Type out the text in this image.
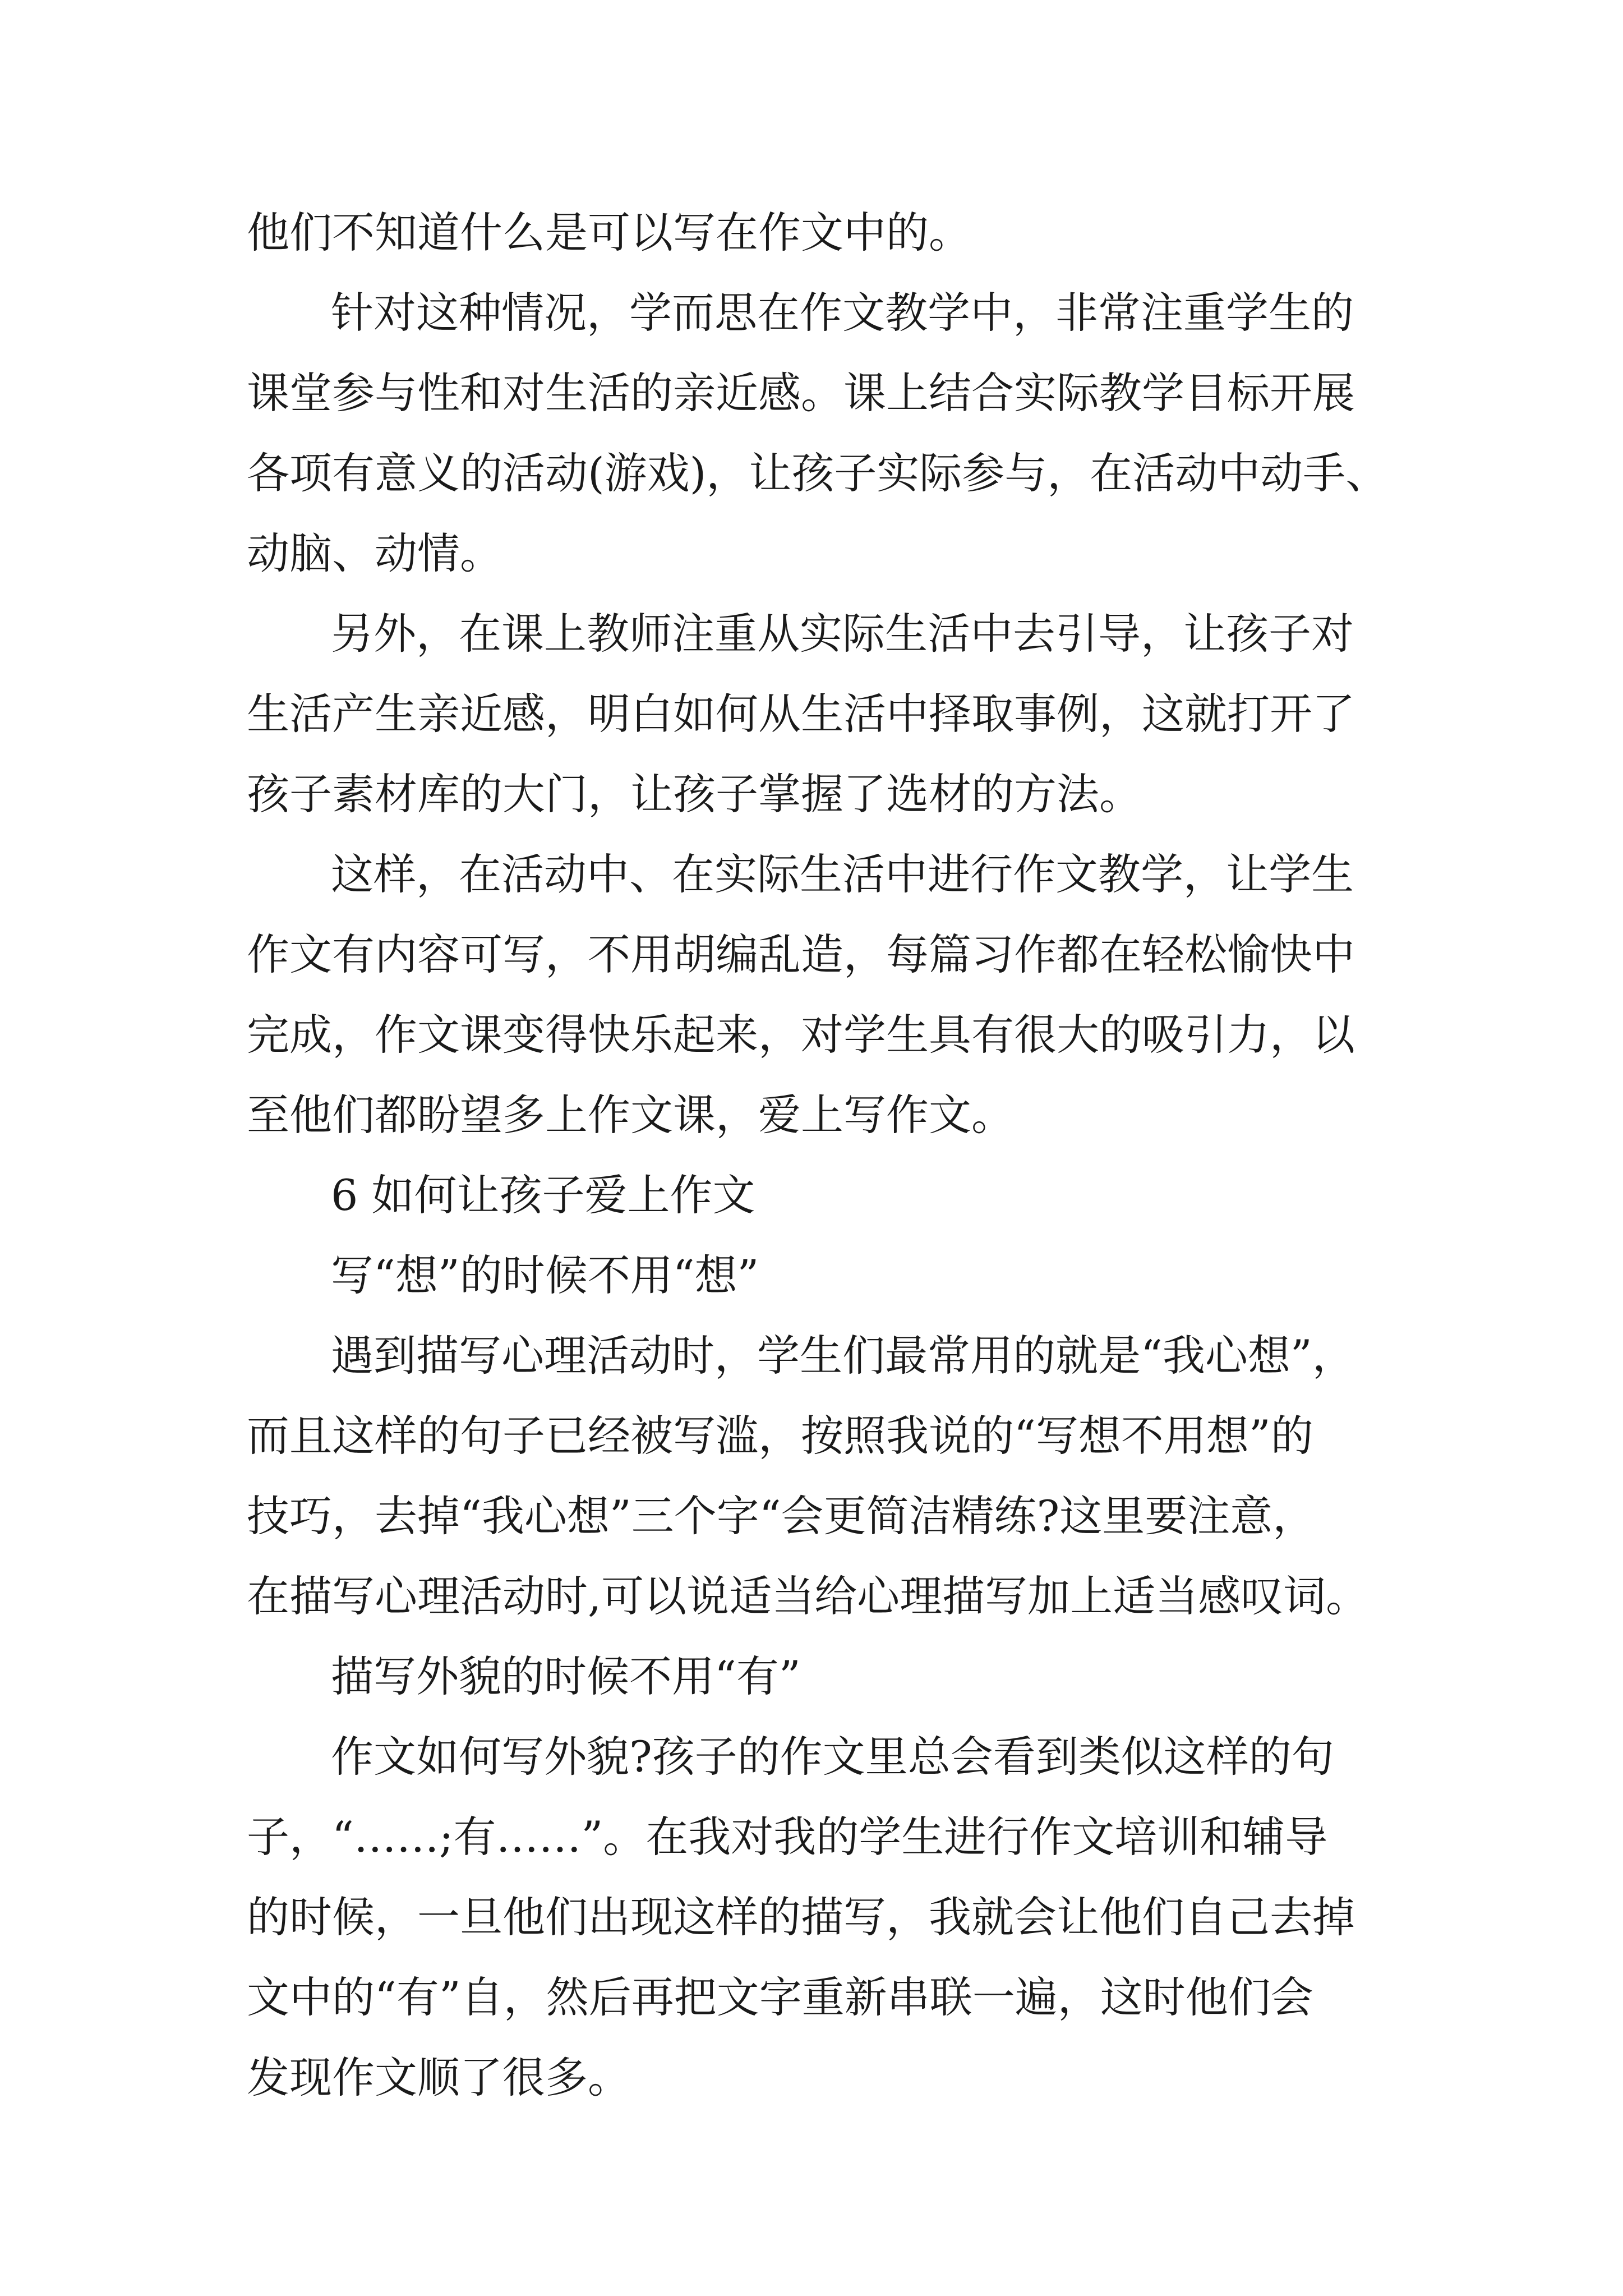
他们不知道什么是可以写在作文中的。
针对这种情况，学而思在作文教学中，非常注重学生的
课堂参与性和对生活的亲近感。课上结合实际教学目标开展
各项有意义的活动(游戏)，让孩子实际参与，在活动中动手、
动脑、动情。
另外，在课上教师注重从实际生活中去引导，让孩子对
生活产生亲近感，明白如何从生活中择取事例，这就打开了
孩子素材库的大门，让孩子掌握了选材的方法。
这样，在活动中、在实际生活中进行作文教学，让学生
作文有内容可写，不用胡编乱造，每篇习作都在轻松愉快中
完成，作文课变得快乐起来，对学生具有很大的吸引力，以
至他们都盼望多上作文课，爱上写作文。
6 如何让孩子爱上作文
写“想”的时候不用“想”
遇到描写心理活动时，学生们最常用的就是“我心想”，
而且这样的句子已经被写滥，按照我说的“写想不用想”的
技巧，去掉“我心想”三个字“会更简洁精练?这里要注意，
在描写心理活动时,可以说适当给心理描写加上适当感叹词。
描写外貌的时候不用“有”
作文如何写外貌?孩子的作文里总会看到类似这样的句
子，“……;有……”。在我对我的学生进行作文培训和辅导
的时候，一旦他们出现这样的描写，我就会让他们自己去掉
文中的“有”自，然后再把文字重新串联一遍，这时他们会
发现作文顺了很多。
